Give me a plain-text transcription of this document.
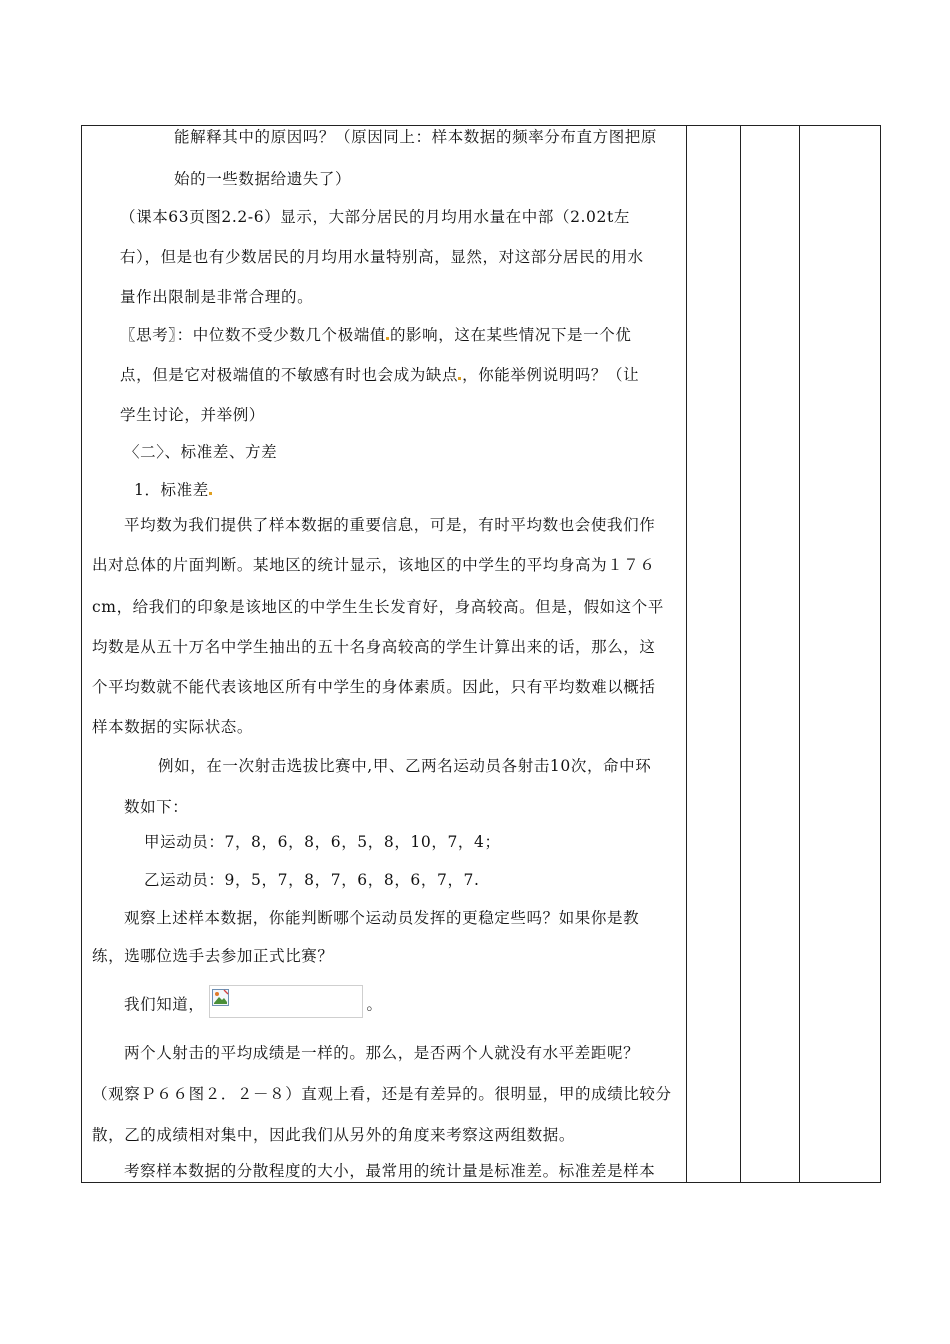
能解释其中的原因吗？（原因同上：样本数据的频率分布直方图把原
始的一些数据给遗失了）
（课本63页图2.2-6）显示，大部分居民的月均用水量在中部（2.02t左
右），但是也有少数居民的月均用水量特别高，显然，对这部分居民的用水
量作出限制是非常合理的。
〖思考〗：中位数不受少数几个极端值 的影响，这在某些情况下是一个优
点，但是它对极端值的不敏感有时也会成为缺点 ，你能举例说明吗？（让
学生讨论，并举例）
〈二〉、标准差、方差
1．标准差
平均数为我们提供了样本数据的重要信息，可是，有时平均数也会使我们作
出对总体的片面判断。某地区的统计显示，该地区的中学生的平均身高为１７６
cm，给我们的印象是该地区的中学生生长发育好，身高较高。但是，假如这个平
均数是从五十万名中学生抽出的五十名身高较高的学生计算出来的话，那么，这
个平均数就不能代表该地区所有中学生的身体素质。因此，只有平均数难以概括
样本数据的实际状态。
例如，在一次射击选拔比赛中,甲、乙两名运动员各射击10次，命中环
数如下：
甲运动员：7，8，6，8，6，5，8，10，7，4；
乙运动员：9，5，7，8，7，6，8，6，7，7.
观察上述样本数据，你能判断哪个运动员发挥的更稳定些吗？如果你是教
练，选哪位选手去参加正式比赛？
我们知道，	。
两个人射击的平均成绩是一样的。那么，是否两个人就没有水平差距呢？
（观察Ｐ６６图２．２－８）直观上看，还是有差异的。很明显，甲的成绩比较分
散，乙的成绩相对集中，因此我们从另外的角度来考察这两组数据。
考察样本数据的分散程度的大小，最常用的统计量是标准差。标准差是样本
